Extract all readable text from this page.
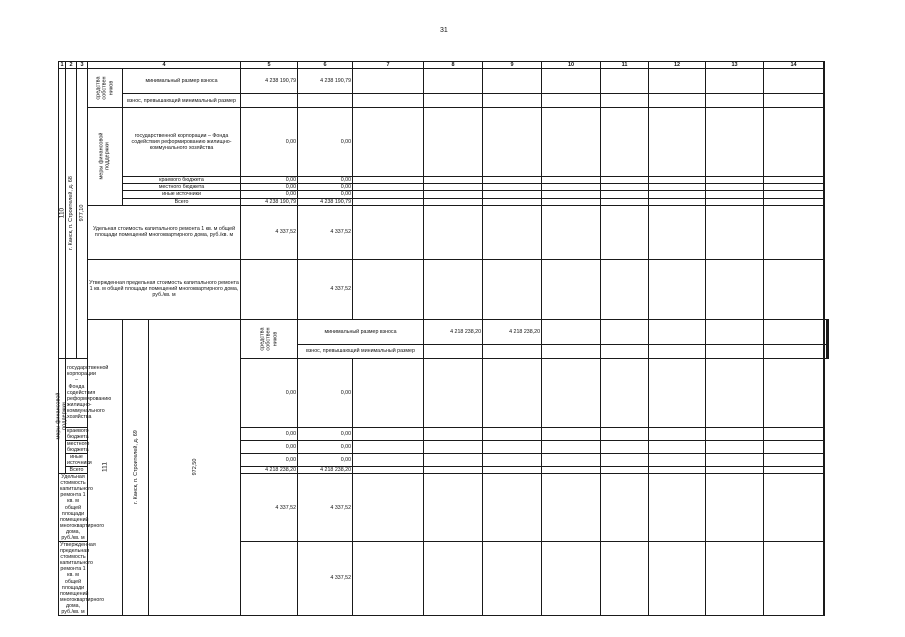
31
1	2	3	4			5	6	7	8	9	10	11	12	13	14	

110	г. Канск, п. Строителей, д. 68	977,10	средства собствен ников	минимальный размер взноса		4 238 190,79	4 238 190,79										
				взнос, превышающий минимальный размер													

			меры финансовой поддержки	государственной корпорации – Фонда содействия реформированию жилищно-коммунального хозяйства		0,00	0,00										
				краевого бюджета		0,00	0,00										
				местного бюджета		0,00	0,00										
				иные источники		0,00	0,00										
				Всего		4 238 190,79	4 238 190,79										
			Удельная стоимость капитального ремонта 1 кв. м общей площади помещений многоквартирного дома, руб./кв. м			4 337,52	4 337,52										
			Утвержденная предельная стоимость капитального ремонта 1 кв. м общей площади помещений многоквартирного дома, руб./кв. м				4 337,52										

			111	г. Канск, п. Строителей, д. 69	972,50	средства собствен ников	минимальный размер взноса		4 218 238,20	4 218 238,20									
							взнос, превышающий минимальный размер											

меры финансовой поддержки	государственной корпорации – Фонда содействия реформированию жилищно-коммунального хозяйства					0,00	0,00										
	краевого бюджета					0,00	0,00										
	местного бюджета					0,00	0,00										
	иные источники					0,00	0,00										
	Всего					4 218 238,20	4 218 238,20										
Удельная стоимость капитального ремонта 1 кв. м общей площади помещений многоквартирного дома, руб./кв. м						4 337,52	4 337,52										
Утвержденная предельная стоимость капитального ремонта 1 кв. м общей площади помещений многоквартирного дома, руб./кв. м							4 337,52										
